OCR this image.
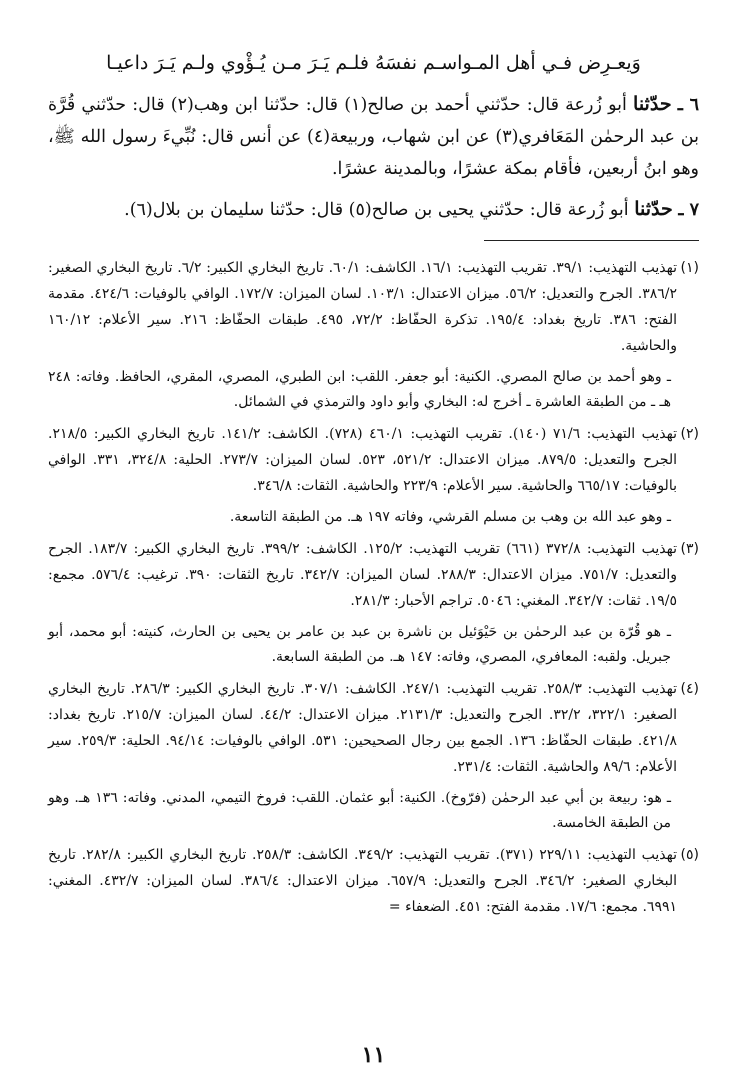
وَيعـرِض فـي أهل المـواسـم نفسَهُ فلـم يَـرَ مـن يُـؤْوي ولـم يَـرَ داعيـا

٦ ـ حدّثنا أبو زُرعة قال: حدّثني أحمد بن صالح(١) قال: حدّثنا ابن وهب(٢) قال: حدّثني قُرَّة بن عبد الرحمٰن المَعَافري(٣) عن ابن شهاب، وربيعة(٤) عن أنس قال: نُبِّيءَ رسول الله ﷺ، وهو ابنُ أربعين، فأقام بمكة عشرًا، وبالمدينة عشرًا.

٧ ـ حدّثنا أبو زُرعة قال: حدّثني يحيى بن صالح(٥) قال: حدّثنا سليمان بن بلال(٦).

(١)
تهذيب التهذيب: ٣٩/١. تقريب التهذيب: ١٦/١. الكاشف: ٦٠/١. تاريخ البخاري الكبير: ٦/٢. تاريخ البخاري الصغير: ٣٨٦/٢. الجرح والتعديل: ٥٦/٢. ميزان الاعتدال: ١٠٣/١. لسان الميزان: ١٧٢/٧. الوافي بالوفيات: ٤٢٤/٦. مقدمة الفتح: ٣٨٦. تاريخ بغداد: ١٩٥/٤. تذكرة الحفّاظ: ٧٢/٢، ٤٩٥. طبقات الحفّاظ: ٢١٦. سير الأعلام: ١٦٠/١٢ والحاشية.
ـ وهو أحمد بن صالح المصري. الكنية: أبو جعفر. اللقب: ابن الطبري، المصري، المقري، الحافظ. وفاته: ٢٤٨ هـ ـ من الطبقة العاشرة ـ أخرج له: البخاري وأبو داود والترمذي في الشمائل.
(٢)
تهذيب التهذيب: ٧١/٦ (١٤٠). تقريب التهذيب: ٤٦٠/١ (٧٢٨). الكاشف: ١٤١/٢. تاريخ البخاري الكبير: ٢١٨/٥. الجرح والتعديل: ٨٧٩/٥. ميزان الاعتدال: ٥٢١/٢، ٥٢٣. لسان الميزان: ٢٧٣/٧. الحلية: ٣٢٤/٨، ٣٣١. الوافي بالوفيات: ٦٦٥/١٧ والحاشية. سير الأعلام: ٢٢٣/٩ والحاشية. الثقات: ٣٤٦/٨.
ـ وهو عبد الله بن وهب بن مسلم القرشي، وفاته ١٩٧ هـ. من الطبقة التاسعة.
(٣)
تهذيب التهذيب: ٣٧٢/٨ (٦٦١) تقريب التهذيب: ١٢٥/٢. الكاشف: ٣٩٩/٢. تاريخ البخاري الكبير: ١٨٣/٧. الجرح والتعديل: ٧٥١/٧. ميزان الاعتدال: ٢٨٨/٣. لسان الميزان: ٣٤٢/٧. تاريخ الثقات: ٣٩٠. ترغيب: ٥٧٦/٤. مجمع: ١٩/٥. ثقات: ٣٤٢/٧. المغني: ٥٠٤٦. تراجم الأحبار: ٢٨١/٣.
ـ هو قُرّة بن عبد الرحمٰن بن حَيْوَئيل بن ناشرة بن عبد بن عامر بن يحيى بن الحارث، كنيته: أبو محمد، أبو جبريل. ولقبه: المعافري، المصري، وفاته: ١٤٧ هـ. من الطبقة السابعة.
(٤)
تهذيب التهذيب: ٢٥٨/٣. تقريب التهذيب: ٢٤٧/١. الكاشف: ٣٠٧/١. تاريخ البخاري الكبير: ٢٨٦/٣. تاريخ البخاري الصغير: ٣٢٢/١، ٣٢/٢. الجرح والتعديل: ٢١٣١/٣. ميزان الاعتدال: ٤٤/٢. لسان الميزان: ٢١٥/٧. تاريخ بغداد: ٤٢١/٨. طبقات الحفّاظ: ١٣٦. الجمع بين رجال الصحيحين: ٥٣١. الوافي بالوفيات: ٩٤/١٤. الحلية: ٢٥٩/٣. سير الأعلام: ٨٩/٦ والحاشية. الثقات: ٢٣١/٤.
ـ هو: ربيعة بن أبي عبد الرحمٰن (فرّوخ). الكنية: أبو عثمان. اللقب: فروخ التيمي، المدني. وفاته: ١٣٦ هـ. وهو من الطبقة الخامسة.
(٥)
تهذيب التهذيب: ٢٢٩/١١ (٣٧١). تقريب التهذيب: ٣٤٩/٢. الكاشف: ٢٥٨/٣. تاريخ البخاري الكبير: ٢٨٢/٨. تاريخ البخاري الصغير: ٣٤٦/٢. الجرح والتعديل: ٦٥٧/٩. ميزان الاعتدال: ٣٨٦/٤. لسان الميزان: ٤٣٢/٧. المغني: ٦٩٩١. مجمع: ١٧/٦. مقدمة الفتح: ٤٥١. الضعفاء =
١١
